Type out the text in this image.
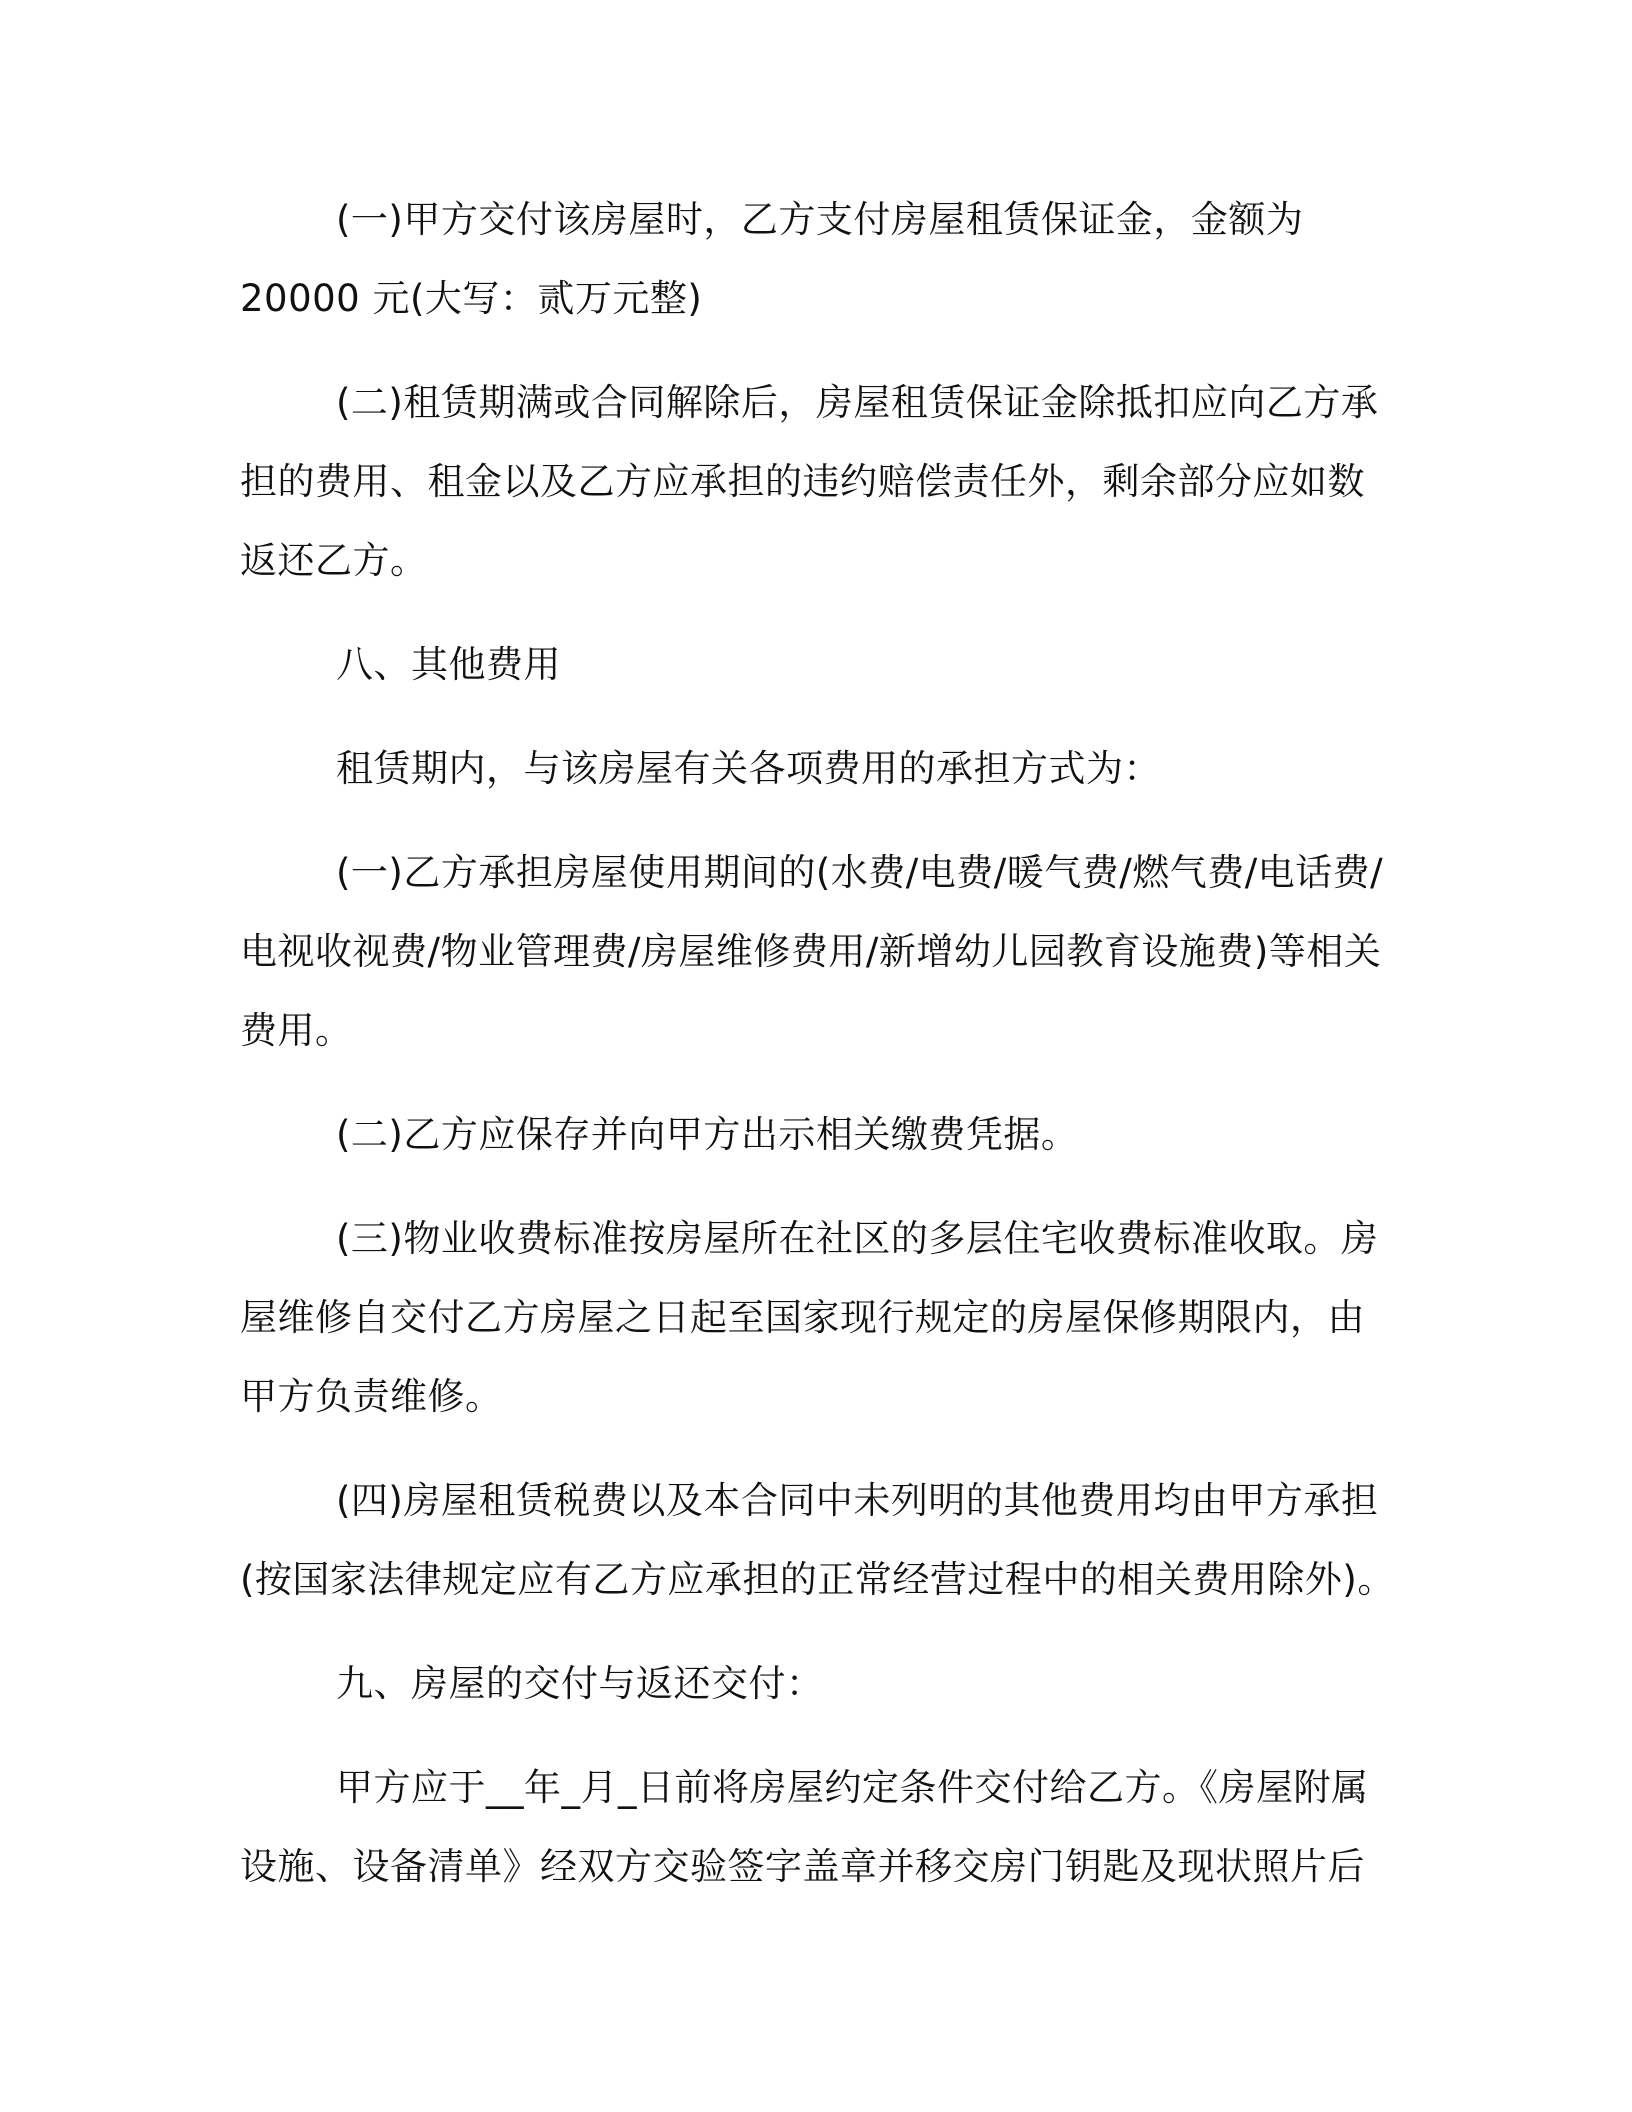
(一)甲方交付该房屋时，乙方支付房屋租赁保证金，金额为
20000 元(大写：贰万元整)
(二)租赁期满或合同解除后，房屋租赁保证金除抵扣应向乙方承
担的费用、租金以及乙方应承担的违约赔偿责任外，剩余部分应如数
返还乙方。
八、其他费用
租赁期内，与该房屋有关各项费用的承担方式为：
(一)乙方承担房屋使用期间的(水费/电费/暖气费/燃气费/电话费/
电视收视费/物业管理费/房屋维修费用/新增幼儿园教育设施费)等相关
费用。
(二)乙方应保存并向甲方出示相关缴费凭据。
(三)物业收费标准按房屋所在社区的多层住宅收费标准收取。房
屋维修自交付乙方房屋之日起至国家现行规定的房屋保修期限内，由
甲方负责维修。
(四)房屋租赁税费以及本合同中未列明的其他费用均由甲方承担
(按国家法律规定应有乙方应承担的正常经营过程中的相关费用除外)。
九、房屋的交付与返还交付：
甲方应于__年_月_日前将房屋约定条件交付给乙方。《房屋附属
设施、设备清单》经双方交验签字盖章并移交房门钥匙及现状照片后
